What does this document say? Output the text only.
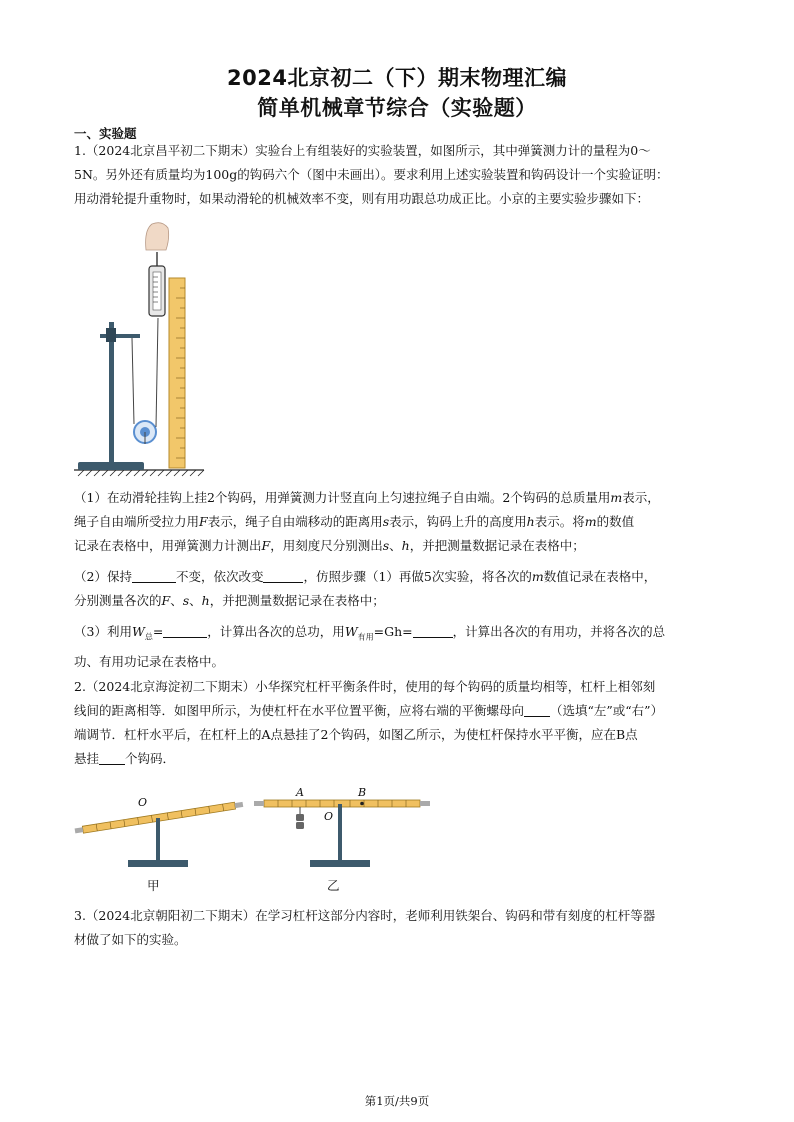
2024北京初二（下）期末物理汇编
简单机械章节综合（实验题）
一、实验题

1.（2024北京昌平初二下期末）实验台上有组装好的实验装置，如图所示，其中弹簧测力计的量程为0～
5N。另外还有质量均为100g的钩码六个（图中未画出）。要求利用上述实验装置和钩码设计一个实验证明：
用动滑轮提升重物时，如果动滑轮的机械效率不变，则有用功跟总功成正比。小京的主要实验步骤如下：

（1）在动滑轮挂钩上挂2个钩码，用弹簧测力计竖直向上匀速拉绳子自由端。2个钩码的总质量用m表示，
绳子自由端所受拉力用F表示，绳子自由端移动的距离用s表示，钩码上升的高度用h表示。将m的数值
记录在表格中，用弹簧测力计测出F，用刻度尺分别测出s、h，并把测量数据记录在表格中；

（2）保持	不变，依次改变	，仿照步骤（1）再做5次实验，将各次的m数值记录在表格中，
分别测量各次的F、s、h，并把测量数据记录在表格中；

（3）利用$W_总=$	，计算出各次的总功，用$W_{有用}=Gh=$	，计算出各次的有用功，并将各次的总
功、有用功记录在表格中。

2.（2024北京海淀初二下期末）小华探究杠杆平衡条件时，使用的每个钩码的质量均相等，杠杆上相邻刻
线间的距离相等．如图甲所示，为使杠杆在水平位置平衡，应将右端的平衡螺母向 （选填“左”或“右”）
端调节．杠杆水平后，在杠杆上的A点悬挂了2个钩码，如图乙所示，为使杠杆保持水平平衡，应在B点
悬挂 个钩码．

O
甲
A	B
O
乙

3.（2024北京朝阳初二下期末）在学习杠杆这部分内容时，老师利用铁架台、钩码和带有刻度的杠杆等器
材做了如下的实验。

第1页/共9页
